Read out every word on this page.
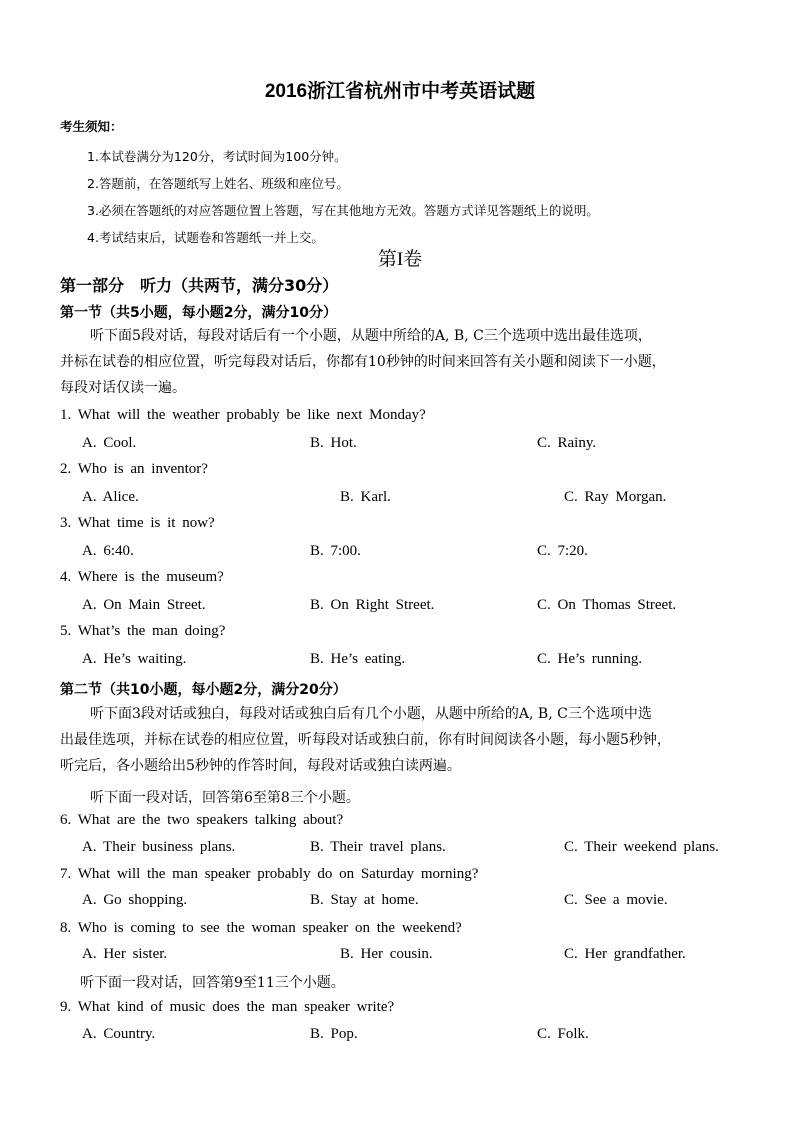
2016浙江省杭州市中考英语试题
考生须知：
1.本试卷满分为120分，考试时间为100分钟。
2.答题前，在答题纸写上姓名、班级和座位号。
3.必须在答题纸的对应答题位置上答题，写在其他地方无效。答题方式详见答题纸上的说明。
4.考试结束后，试题卷和答题纸一并上交。
第I卷
第一部分　听力（共两节，满分30分）
第一节（共5小题，每小题2分，满分10分）
听下面5段对话，每段对话后有一个小题，从题中所给的A, B, C三个选项中选出最佳选项，
并标在试卷的相应位置，听完每段对话后，你都有10秒钟的时间来回答有关小题和阅读下一小题，
每段对话仅读一遍。
1. What will the weather probably be like next Monday?
A. Cool.	B. Hot.	C. Rainy.
2. Who is an inventor?
A. Alice.	B. Karl.	C. Ray Morgan.
3. What time is it now?
A. 6:40.	B. 7:00.	C. 7:20.
4. Where is the museum?
A. On Main Street.	B. On Right Street.	C. On Thomas Street.
5. What’s the man doing?
A. He’s waiting.	B. He’s eating.	C. He’s running.
第二节（共10小题，每小题2分，满分20分）
听下面3段对话或独白，每段对话或独白后有几个小题，从题中所给的A, B, C三个选项中选
出最佳选项，并标在试卷的相应位置，听每段对话或独白前，你有时间阅读各小题，每小题5秒钟，
听完后，各小题给出5秒钟的作答时间，每段对话或独白读两遍。
听下面一段对话，回答第6至第8三个小题。
6. What are the two speakers talking about?
A. Their business plans.	B. Their travel plans.	C. Their weekend plans.
7. What will the man speaker probably do on Saturday morning?
A. Go shopping.	B. Stay at home.	C. See a movie.
8. Who is coming to see the woman speaker on the weekend?
A. Her sister.	B. Her cousin.	C. Her grandfather.
听下面一段对话，回答第9至11三个小题。
9. What kind of music does the man speaker write?
A. Country.	B. Pop.	C. Folk.
